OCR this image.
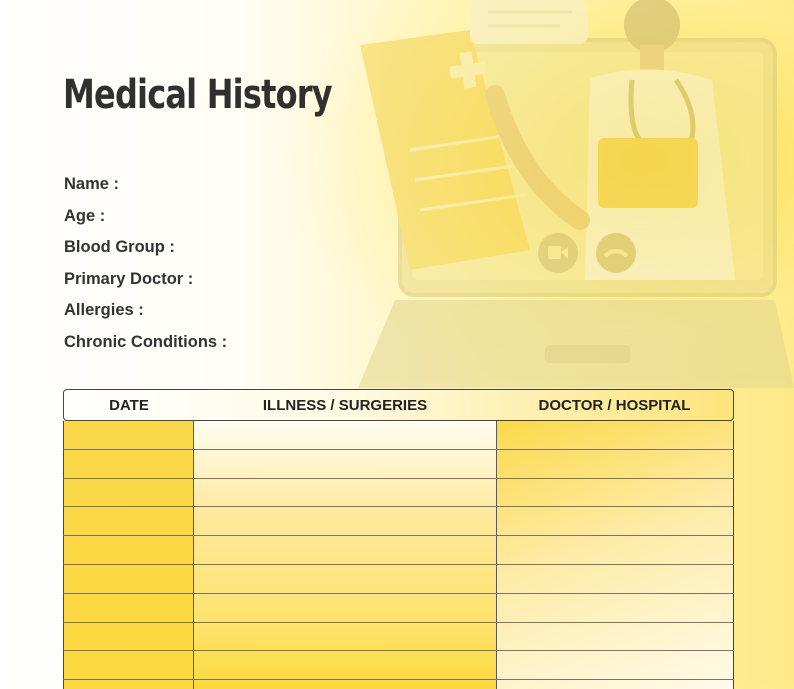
Medical History
Name :
Age :
Blood Group :
Primary Doctor :
Allergies :
Chronic Conditions :
DATE	ILLNESS / SURGERIES	DOCTOR / HOSPITAL
